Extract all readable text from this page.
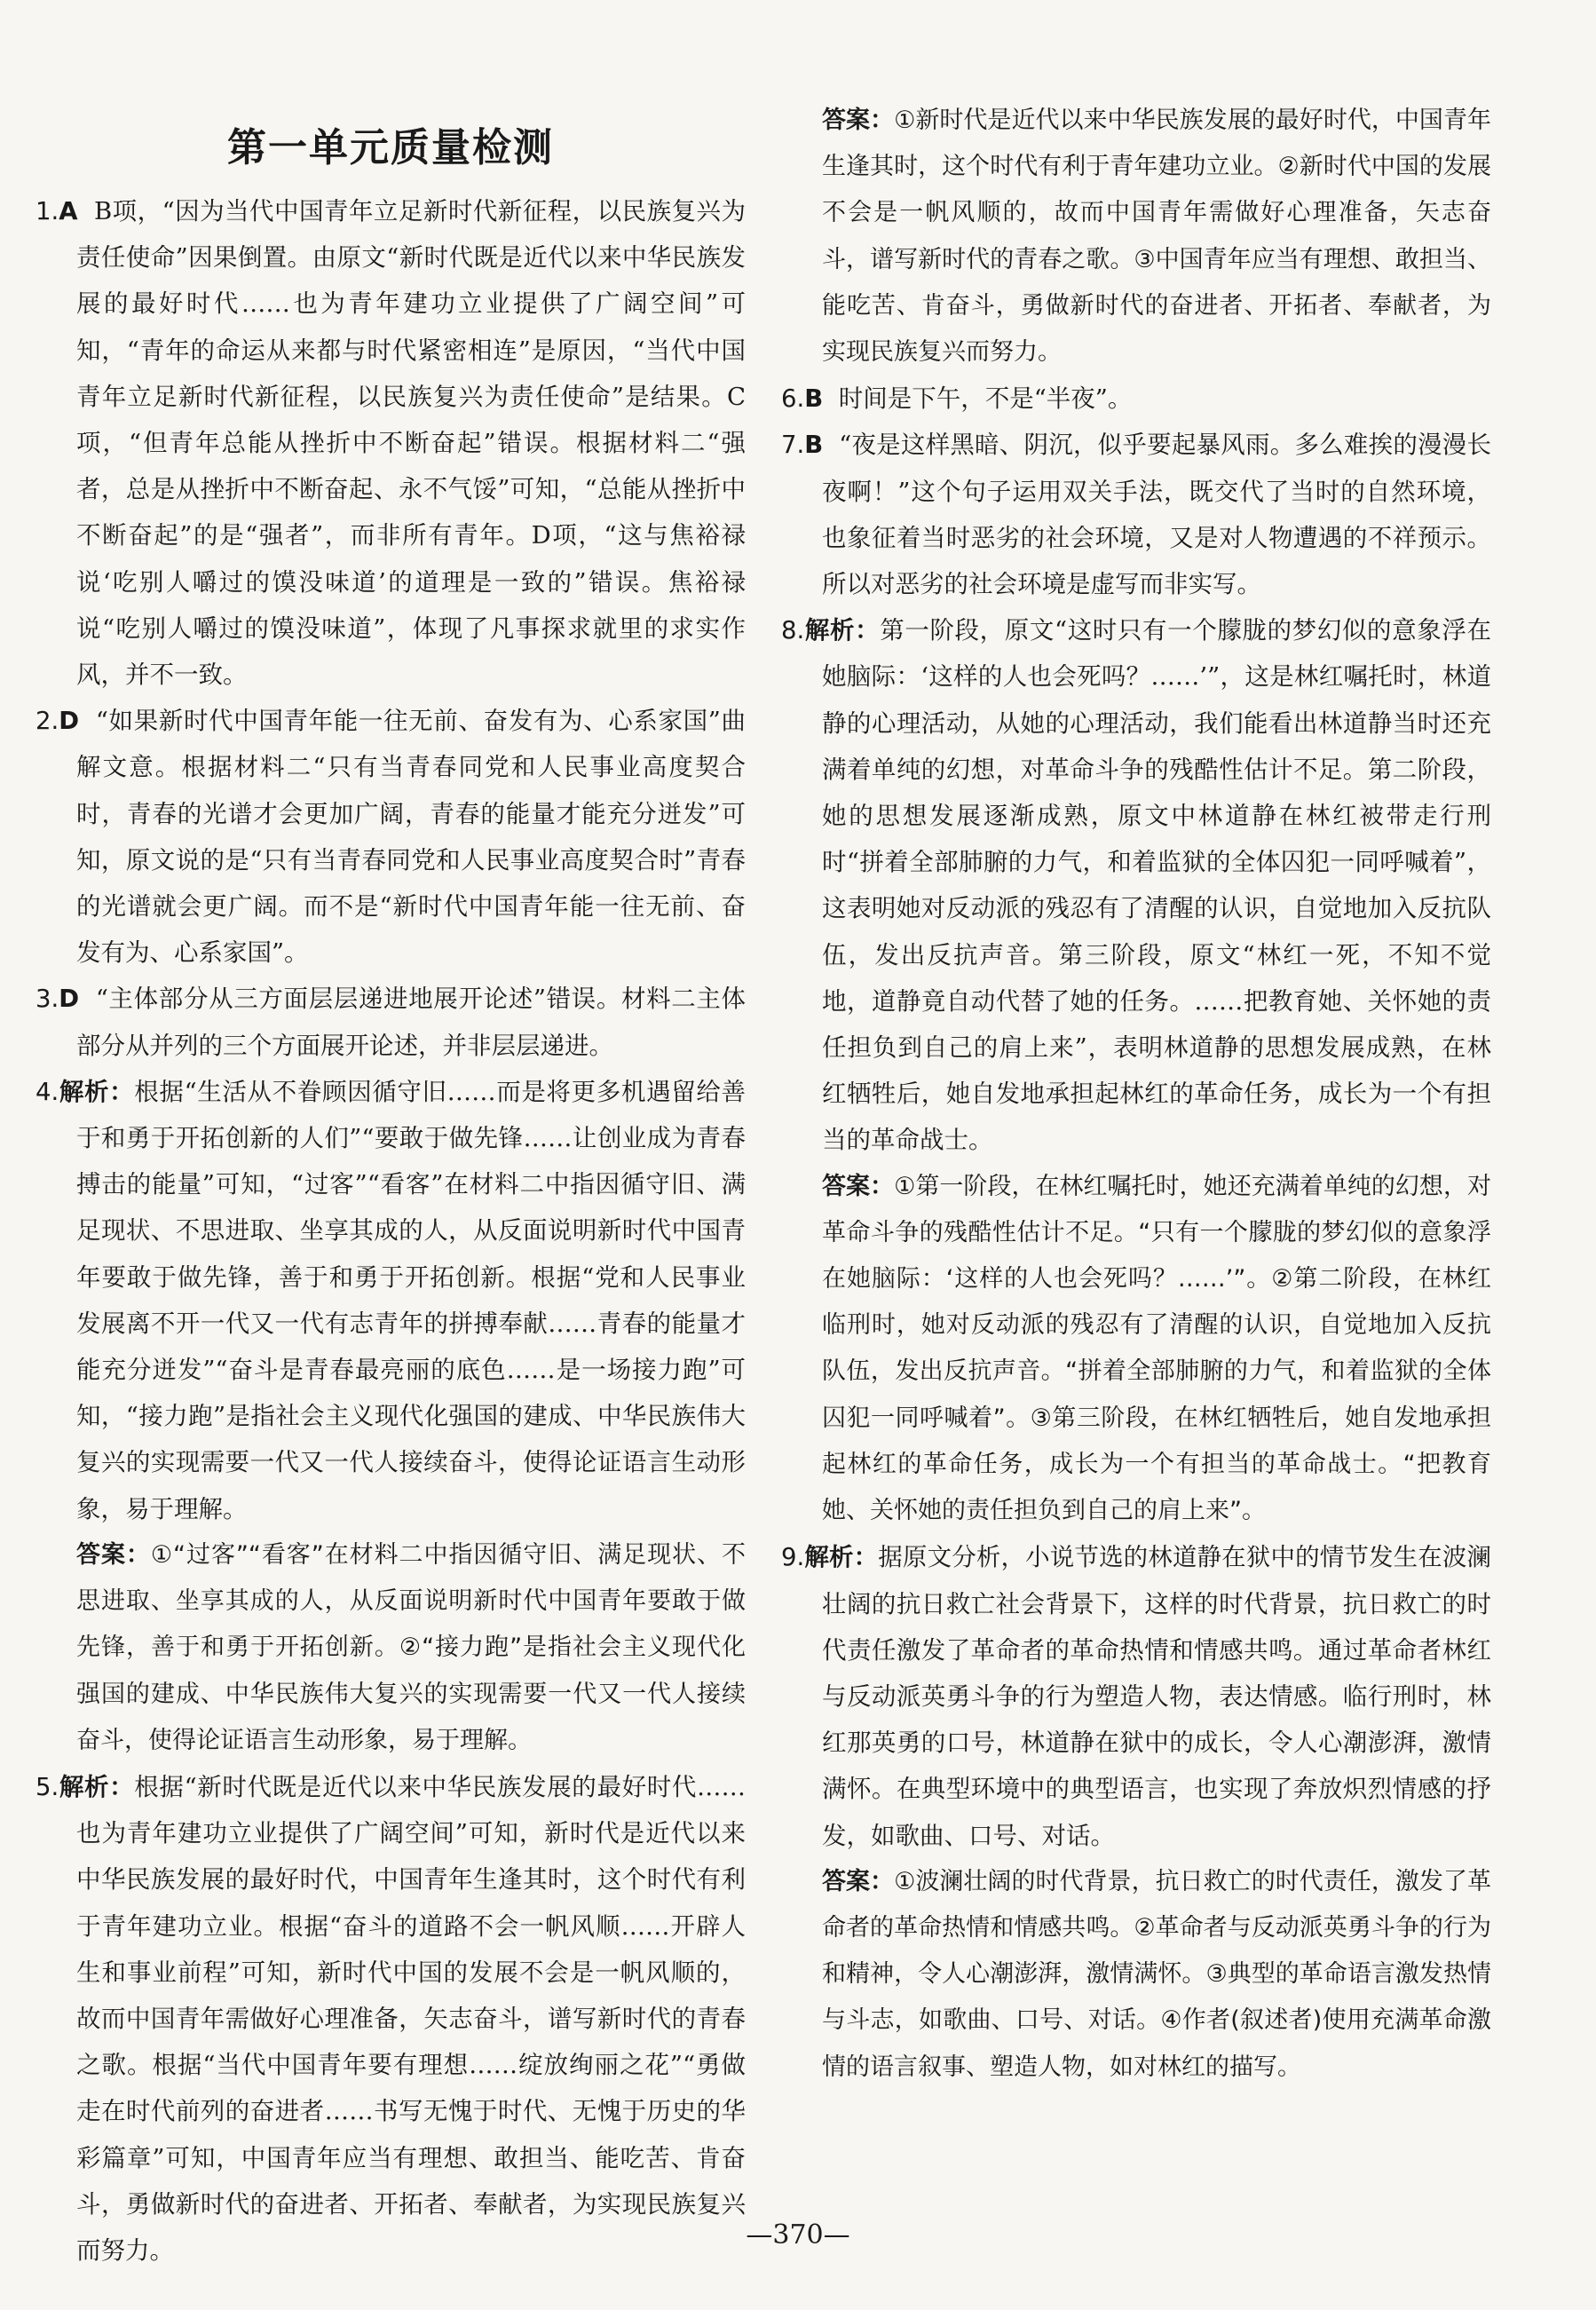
第一单元质量检测
1.A B项，“因为当代中国青年立足新时代新征程，以民族复兴为责任使命”因果倒置。由原文“新时代既是近代以来中华民族发展的最好时代……也为青年建功立业提供了广阔空间”可知，“青年的命运从来都与时代紧密相连”是原因，“当代中国青年立足新时代新征程，以民族复兴为责任使命”是结果。C项，“但青年总能从挫折中不断奋起”错误。根据材料二“强者，总是从挫折中不断奋起、永不气馁”可知，“总能从挫折中不断奋起”的是“强者”，而非所有青年。D项，“这与焦裕禄说‘吃别人嚼过的馍没味道’的道理是一致的”错误。焦裕禄说“吃别人嚼过的馍没味道”，体现了凡事探求就里的求实作风，并不一致。
2.D “如果新时代中国青年能一往无前、奋发有为、心系家国”曲解文意。根据材料二“只有当青春同党和人民事业高度契合时，青春的光谱才会更加广阔，青春的能量才能充分迸发”可知，原文说的是“只有当青春同党和人民事业高度契合时”青春的光谱就会更广阔。而不是“新时代中国青年能一往无前、奋发有为、心系家国”。
3.D “主体部分从三方面层层递进地展开论述”错误。材料二主体部分从并列的三个方面展开论述，并非层层递进。

4.解析：根据“生活从不眷顾因循守旧……而是将更多机遇留给善于和勇于开拓创新的人们”“要敢于做先锋……让创业成为青春搏击的能量”可知，“过客”“看客”在材料二中指因循守旧、满足现状、不思进取、坐享其成的人，从反面说明新时代中国青年要敢于做先锋，善于和勇于开拓创新。根据“党和人民事业发展离不开一代又一代有志青年的拼搏奉献……青春的能量才能充分迸发”“奋斗是青春最亮丽的底色……是一场接力跑”可知，“接力跑”是指社会主义现代化强国的建成、中华民族伟大复兴的实现需要一代又一代人接续奋斗，使得论证语言生动形象，易于理解。

答案：①“过客”“看客”在材料二中指因循守旧、满足现状、不思进取、坐享其成的人，从反面说明新时代中国青年要敢于做先锋，善于和勇于开拓创新。②“接力跑”是指社会主义现代化强国的建成、中华民族伟大复兴的实现需要一代又一代人接续奋斗，使得论证语言生动形象，易于理解。

5.解析：根据“新时代既是近代以来中华民族发展的最好时代……也为青年建功立业提供了广阔空间”可知，新时代是近代以来中华民族发展的最好时代，中国青年生逢其时，这个时代有利于青年建功立业。根据“奋斗的道路不会一帆风顺……开辟人生和事业前程”可知，新时代中国的发展不会是一帆风顺的，故而中国青年需做好心理准备，矢志奋斗，谱写新时代的青春之歌。根据“当代中国青年要有理想……绽放绚丽之花”“勇做走在时代前列的奋进者……书写无愧于时代、无愧于历史的华彩篇章”可知，中国青年应当有理想、敢担当、能吃苦、肯奋斗，勇做新时代的奋进者、开拓者、奉献者，为实现民族复兴而努力。
答案：①新时代是近代以来中华民族发展的最好时代，中国青年生逢其时，这个时代有利于青年建功立业。②新时代中国的发展不会是一帆风顺的，故而中国青年需做好心理准备，矢志奋斗，谱写新时代的青春之歌。③中国青年应当有理想、敢担当、能吃苦、肯奋斗，勇做新时代的奋进者、开拓者、奉献者，为实现民族复兴而努力。
6.B 时间是下午，不是“半夜”。
7.B “夜是这样黑暗、阴沉，似乎要起暴风雨。多么难挨的漫漫长夜啊！”这个句子运用双关手法，既交代了当时的自然环境，也象征着当时恶劣的社会环境，又是对人物遭遇的不祥预示。所以对恶劣的社会环境是虚写而非实写。

8.解析：第一阶段，原文“这时只有一个朦胧的梦幻似的意象浮在她脑际：‘这样的人也会死吗？……’”，这是林红嘱托时，林道静的心理活动，从她的心理活动，我们能看出林道静当时还充满着单纯的幻想，对革命斗争的残酷性估计不足。第二阶段，她的思想发展逐渐成熟，原文中林道静在林红被带走行刑时“拼着全部肺腑的力气，和着监狱的全体囚犯一同呼喊着”，这表明她对反动派的残忍有了清醒的认识，自觉地加入反抗队伍，发出反抗声音。第三阶段，原文“林红一死，不知不觉地，道静竟自动代替了她的任务。……把教育她、关怀她的责任担负到自己的肩上来”，表明林道静的思想发展成熟，在林红牺牲后，她自发地承担起林红的革命任务，成长为一个有担当的革命战士。

答案：①第一阶段，在林红嘱托时，她还充满着单纯的幻想，对革命斗争的残酷性估计不足。“只有一个朦胧的梦幻似的意象浮在她脑际：‘这样的人也会死吗？……’”。②第二阶段，在林红临刑时，她对反动派的残忍有了清醒的认识，自觉地加入反抗队伍，发出反抗声音。“拼着全部肺腑的力气，和着监狱的全体囚犯一同呼喊着”。③第三阶段，在林红牺牲后，她自发地承担起林红的革命任务，成长为一个有担当的革命战士。“把教育她、关怀她的责任担负到自己的肩上来”。

9.解析：据原文分析，小说节选的林道静在狱中的情节发生在波澜壮阔的抗日救亡社会背景下，这样的时代背景，抗日救亡的时代责任激发了革命者的革命热情和情感共鸣。通过革命者林红与反动派英勇斗争的行为塑造人物，表达情感。临行刑时，林红那英勇的口号，林道静在狱中的成长，令人心潮澎湃，激情满怀。在典型环境中的典型语言，也实现了奔放炽烈情感的抒发，如歌曲、口号、对话。

答案：①波澜壮阔的时代背景，抗日救亡的时代责任，激发了革命者的革命热情和情感共鸣。②革命者与反动派英勇斗争的行为和精神，令人心潮澎湃，激情满怀。③典型的革命语言激发热情与斗志，如歌曲、口号、对话。④作者(叙述者)使用充满革命激情的语言叙事、塑造人物，如对林红的描写。

—370—
